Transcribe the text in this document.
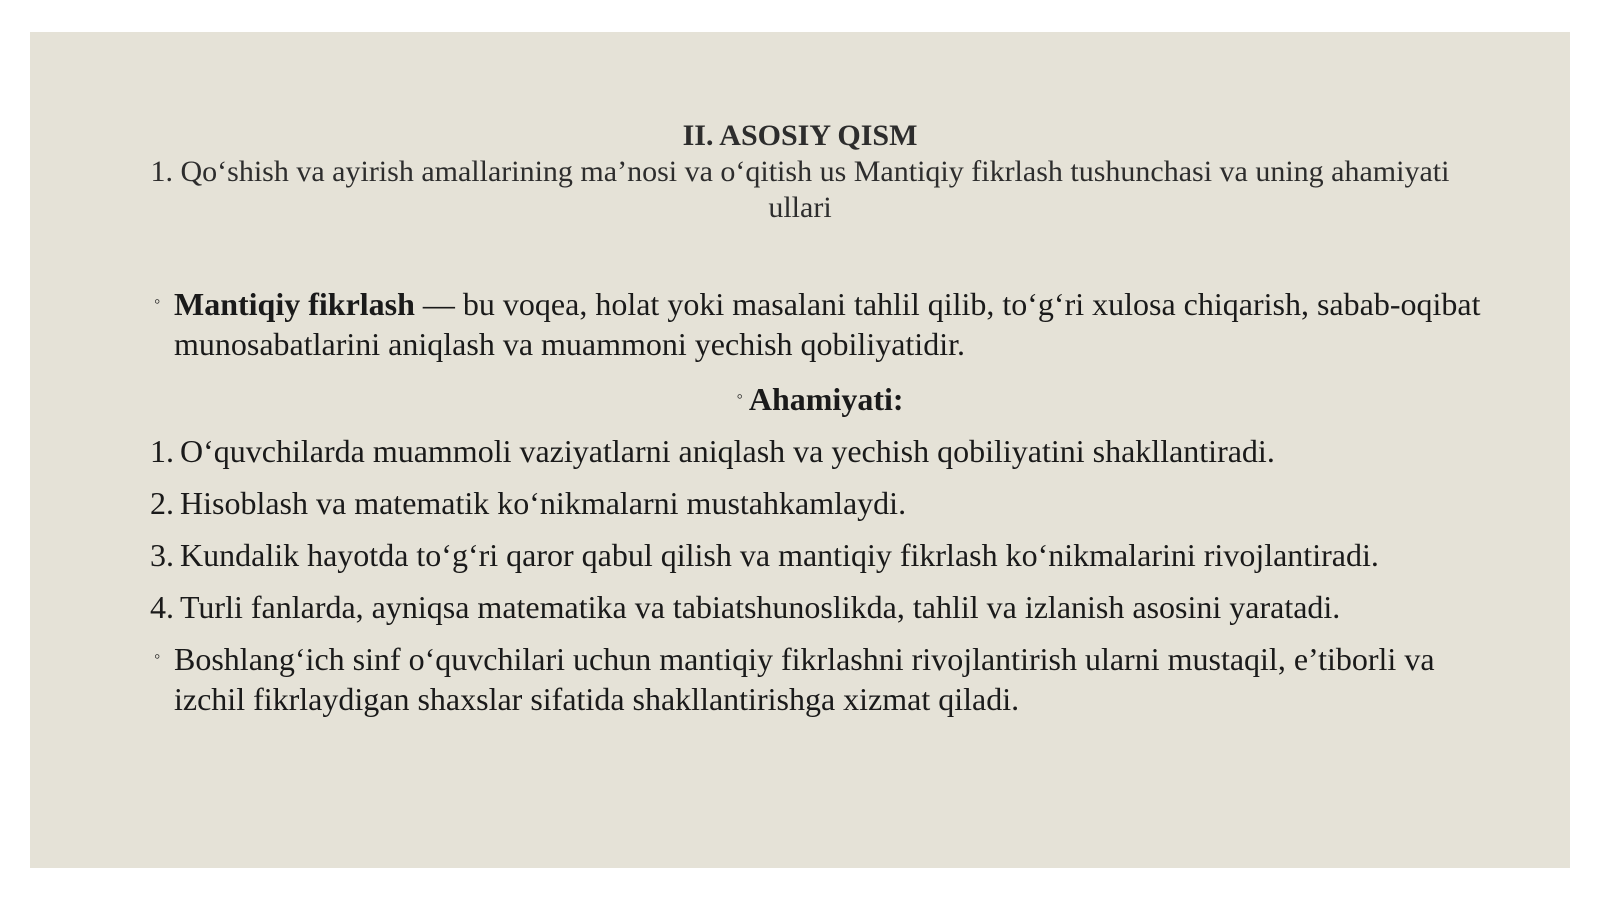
II. ASOSIY QISM

1. Qo‘shish va ayirish amallarining ma’nosi va o‘qitish us Mantiqiy fikrlash tushunchasi va uning ahamiyati ullari

◦ Mantiqiy fikrlash — bu voqea, holat yoki masalani tahlil qilib, to‘g‘ri xulosa chiqarish, sabab-oqibat munosabatlarini aniqlash va muammoni yechish qobiliyatidir.

◦ Ahamiyati:

1. O‘quvchilarda muammoli vaziyatlarni aniqlash va yechish qobiliyatini shakllantiradi.
2. Hisoblash va matematik ko‘nikmalarni mustahkamlaydi.
3. Kundalik hayotda to‘g‘ri qaror qabul qilish va mantiqiy fikrlash ko‘nikmalarini rivojlantiradi.
4. Turli fanlarda, ayniqsa matematika va tabiatshunoslikda, tahlil va izlanish asosini yaratadi.

◦ Boshlang‘ich sinf o‘quvchilari uchun mantiqiy fikrlashni rivojlantirish ularni mustaqil, e’tiborli va izchil fikrlaydigan shaxslar sifatida shakllantirishga xizmat qiladi.
